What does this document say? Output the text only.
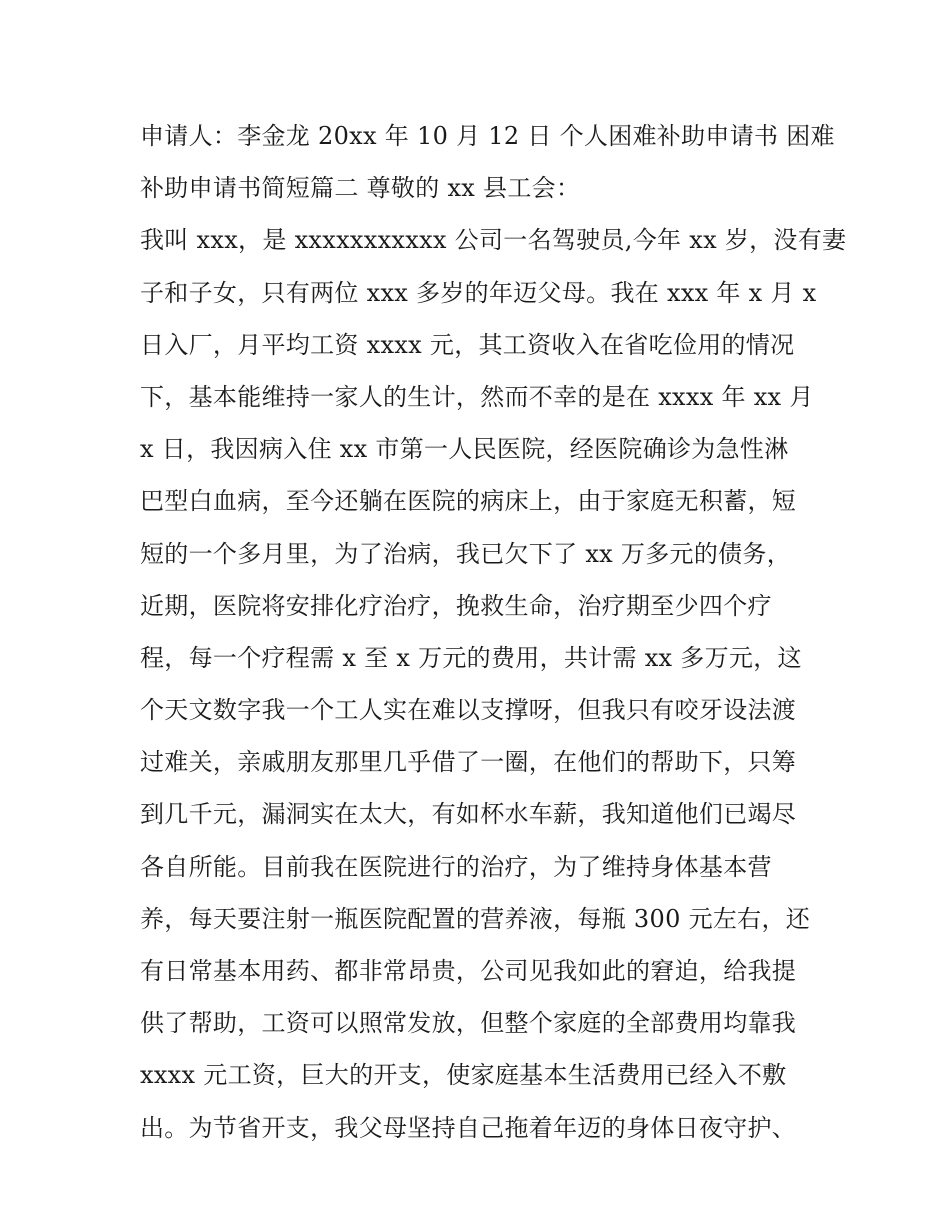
申请人：李金龙 20xx 年 10 月 12 日 个人困难补助申请书 困难
补助申请书简短篇二 尊敬的 xx 县工会：
我叫 xxx，是 xxxxxxxxxxx 公司一名驾驶员,今年 xx 岁，没有妻
子和子女，只有两位 xxx 多岁的年迈父母。我在 xxx 年 x 月 x
日入厂，月平均工资 xxxx 元，其工资收入在省吃俭用的情况
下，基本能维持一家人的生计，然而不幸的是在 xxxx 年 xx 月
x 日，我因病入住 xx 市第一人民医院，经医院确诊为急性淋
巴型白血病，至今还躺在医院的病床上，由于家庭无积蓄，短
短的一个多月里，为了治病，我已欠下了 xx 万多元的债务，
近期，医院将安排化疗治疗，挽救生命，治疗期至少四个疗
程，每一个疗程需 x 至 x 万元的费用，共计需 xx 多万元，这
个天文数字我一个工人实在难以支撑呀，但我只有咬牙设法渡
过难关，亲戚朋友那里几乎借了一圈，在他们的帮助下，只筹
到几千元，漏洞实在太大，有如杯水车薪，我知道他们已竭尽
各自所能。目前我在医院进行的治疗，为了维持身体基本营
养，每天要注射一瓶医院配置的营养液，每瓶 300 元左右，还
有日常基本用药、都非常昂贵，公司见我如此的窘迫，给我提
供了帮助，工资可以照常发放，但整个家庭的全部费用均靠我
xxxx 元工资，巨大的开支，使家庭基本生活费用已经入不敷
出。为节省开支，我父母坚持自己拖着年迈的身体日夜守护、
